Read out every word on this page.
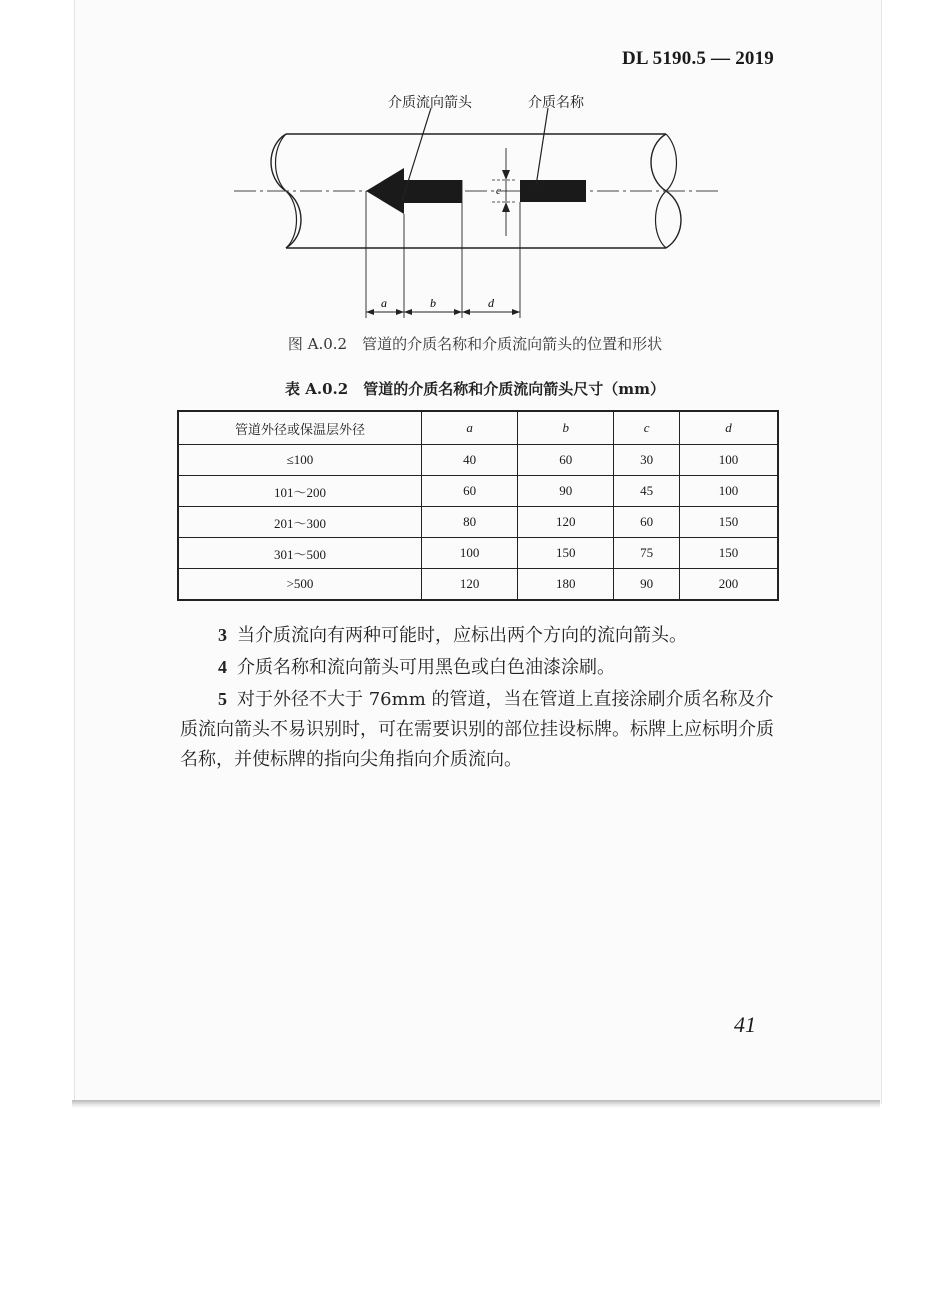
DL 5190.5 — 2019
c
a	b	d
介质流向箭头	介质名称
图 A.0.2　管道的介质名称和介质流向箭头的位置和形状
表 A.0.2　管道的介质名称和介质流向箭头尺寸（mm）
管道外径或保温层外径	a	b	c	d
≤100	40	60	30	100
101～200	60	90	45	100
201～300	80	120	60	150
301～500	100	150	75	150
>500	120	180	90	200
3 当介质流向有两种可能时，应标出两个方向的流向箭头。
4 介质名称和流向箭头可用黑色或白色油漆涂刷。
5 对于外径不大于 76mm 的管道，当在管道上直接涂刷介质名称及介质流向箭头不易识别时，可在需要识别的部位挂设标牌。标牌上应标明介质名称，并使标牌的指向尖角指向介质流向。
41
